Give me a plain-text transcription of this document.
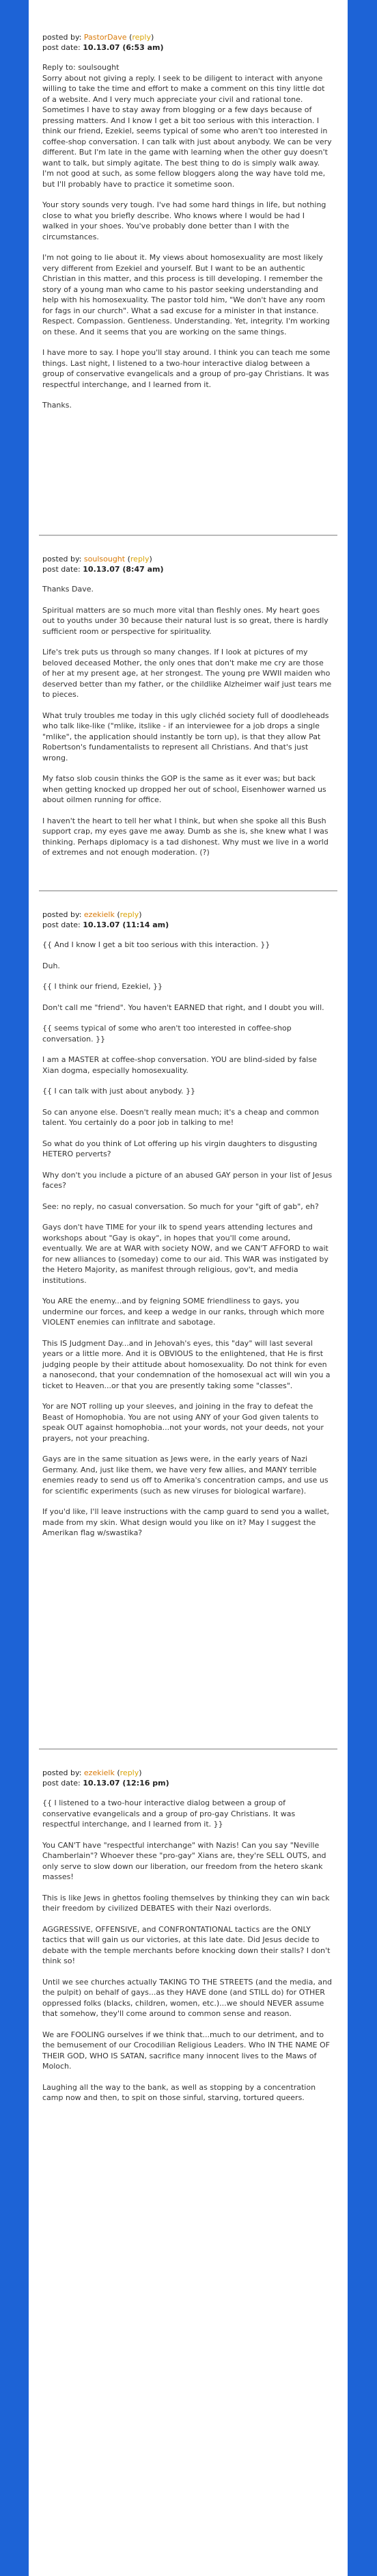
posted by: PastorDave (reply)
post date: 10.13.07 (6:53 am)

Reply to: soulsought
Sorry about not giving a reply. I seek to be diligent to interact with anyone willing to take the time and effort to make a comment on this tiny little dot of a website. And I very much appreciate your civil and rational tone. Sometimes I have to stay away from blogging or a few days because of pressing matters. And I know I get a bit too serious with this interaction. I think our friend, Ezekiel, seems typical of some who aren't too interested in coffee-shop conversation. I can talk with just about anybody. We can be very different. But I'm late in the game with learning when the other guy doesn't want to talk, but simply agitate. The best thing to do is simply walk away. I'm not good at such, as some fellow bloggers along the way have told me, but I'll probably have to practice it sometime soon.

Your story sounds very tough. I've had some hard things in life, but nothing close to what you briefly describe. Who knows where I would be had I walked in your shoes. You've probably done better than I with the circumstances.

I'm not going to lie about it. My views about homosexuality are most likely very different from Ezekiel and yourself. But I want to be an authentic Christian in this matter, and this process is till developing. I remember the story of a young man who came to his pastor seeking understanding and help with his homosexuality. The pastor told him, "We don't have any room for fags in our church". What a sad excuse for a minister in that instance. Respect. Compassion. Gentleness. Understanding. Yet, integrity. I'm working on these. And it seems that you are working on the same things.

I have more to say. I hope you'll stay around. I think you can teach me some things. Last night, I listened to a two-hour interactive dialog between a group of conservative evangelicals and a group of pro-gay Christians. It was respectful interchange, and I learned from it.

Thanks.

posted by: soulsought (reply)
post date: 10.13.07 (8:47 am)

Thanks Dave.

Spiritual matters are so much more vital than fleshly ones. My heart goes out to youths under 30 because their natural lust is so great, there is hardly sufficient room or perspective for spirituality.

Life's trek puts us through so many changes. If I look at pictures of my beloved deceased Mother, the only ones that don't make me cry are those of her at my present age, at her strongest. The young pre WWII maiden who deserved better than my father, or the childlike Alzheimer waif just tears me to pieces.

What truly troubles me today in this ugly clichéd society full of doodleheads who talk like-like ("mlike, itslike - if an interviewee for a job drops a single "mlike", the application should instantly be torn up), is that they allow Pat Robertson's fundamentalists to represent all Christians. And that's just wrong.

My fatso slob cousin thinks the GOP is the same as it ever was; but back when getting knocked up dropped her out of school, Eisenhower warned us about oilmen running for office.

I haven't the heart to tell her what I think, but when she spoke all this Bush support crap, my eyes gave me away. Dumb as she is, she knew what I was thinking. Perhaps diplomacy is a tad dishonest. Why must we live in a world of extremes and not enough moderation. (?)

posted by: ezekielk (reply)
post date: 10.13.07 (11:14 am)

{{ And I know I get a bit too serious with this interaction. }}

Duh.

{{ I think our friend, Ezekiel, }}

Don't call me "friend". You haven't EARNED that right, and I doubt you will.

{{ seems typical of some who aren't too interested in coffee-shop conversation. }}

I am a MASTER at coffee-shop conversation. YOU are blind-sided by false Xian dogma, especially homosexuality.

{{ I can talk with just about anybody. }}

So can anyone else. Doesn't really mean much; it's a cheap and common talent. You certainly do a poor job in talking to me!

So what do you think of Lot offering up his virgin daughters to disgusting HETERO perverts?

Why don't you include a picture of an abused GAY person in your list of Jesus faces?

See: no reply, no casual conversation. So much for your "gift of gab", eh?

Gays don't have TIME for your ilk to spend years attending lectures and workshops about "Gay is okay", in hopes that you'll come around, eventually. We are at WAR with society NOW, and we CAN'T AFFORD to wait for new alliances to (someday) come to our aid. This WAR was instigated by the Hetero Majority, as manifest through religious, gov't, and media institutions.

You ARE the enemy...and by feigning SOME friendliness to gays, you undermine our forces, and keep a wedge in our ranks, through which more VIOLENT enemies can infiltrate and sabotage.

This IS Judgment Day...and in Jehovah's eyes, this "day" will last several years or a little more. And it is OBVIOUS to the enlightened, that He is first judging people by their attitude about homosexuality. Do not think for even a nanosecond, that your condemnation of the homosexual act will win you a ticket to Heaven...or that you are presently taking some "classes".

Yor are NOT rolling up your sleeves, and joining in the fray to defeat the Beast of Homophobia. You are not using ANY of your God given talents to speak OUT against homophobia...not your words, not your deeds, not your prayers, not your preaching.

Gays are in the same situation as Jews were, in the early years of Nazi Germany. And, just like them, we have very few allies, and MANY terrible enemies ready to send us off to Amerika's concentration camps, and use us for scientific experiments (such as new viruses for biological warfare).

If you'd like, I'll leave instructions with the camp guard to send you a wallet, made from my skin. What design would you like on it? May I suggest the Amerikan flag w/swastika?

posted by: ezekielk (reply)
post date: 10.13.07 (12:16 pm)

{{ I listened to a two-hour interactive dialog between a group of conservative evangelicals and a group of pro-gay Christians. It was respectful interchange, and I learned from it. }}

You CAN'T have "respectful interchange" with Nazis! Can you say "Neville Chamberlain"? Whoever these "pro-gay" Xians are, they're SELL OUTS, and only serve to slow down our liberation, our freedom from the hetero skank masses!

This is like Jews in ghettos fooling themselves by thinking they can win back their freedom by civilized DEBATES with their Nazi overlords.

AGGRESSIVE, OFFENSIVE, and CONFRONTATIONAL tactics are the ONLY tactics that will gain us our victories, at this late date. Did Jesus decide to debate with the temple merchants before knocking down their stalls? I don't think so!

Until we see churches actually TAKING TO THE STREETS (and the media, and the pulpit) on behalf of gays...as they HAVE done (and STILL do) for OTHER oppressed folks (blacks, children, women, etc.)...we should NEVER assume that somehow, they'll come around to common sense and reason.

We are FOOLING ourselves if we think that...much to our detriment, and to the bemusement of our Crocodilian Religious Leaders. Who IN THE NAME OF THEIR GOD, WHO IS SATAN, sacrifice many innocent lives to the Maws of Moloch.

Laughing all the way to the bank, as well as stopping by a concentration camp now and then, to spit on those sinful, starving, tortured queers.
